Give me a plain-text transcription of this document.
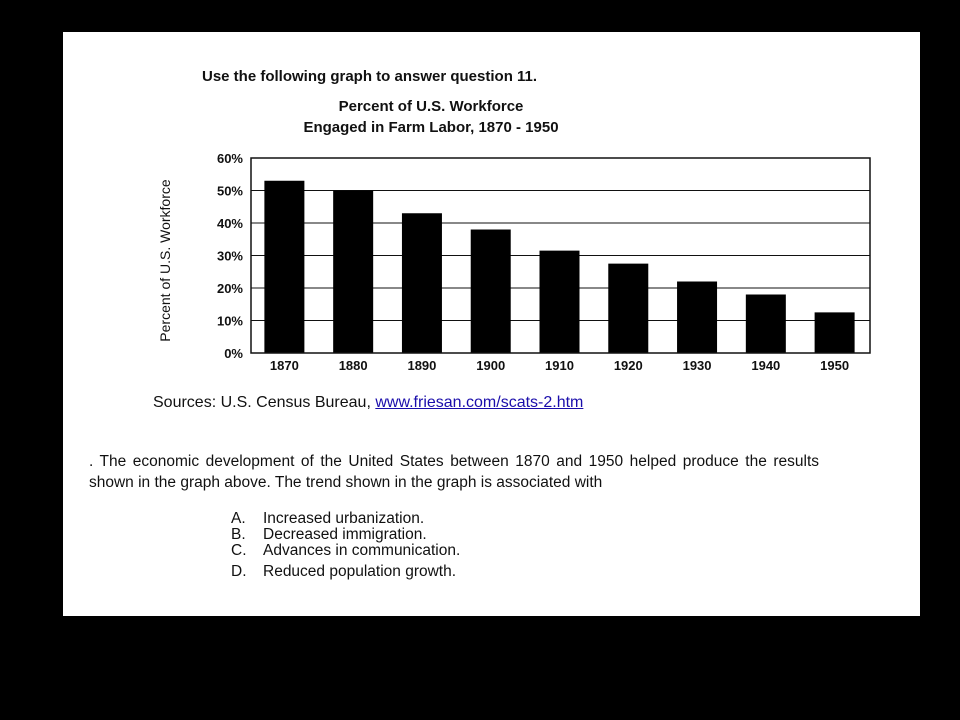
Use the following graph to answer question 11.
Percent of U.S. Workforce
Engaged in Farm Labor, 1870 - 1950
0%
10%
20%
30%
40%
50%
60%
1870	1880	1890	1900	1910	1920	1930	1940	1950
Percent of U.S. Workforce
Sources: U.S. Census Bureau, www.friesan.com/scats-2.htm
. The economic development of the United States between 1870 and 1950 helped produce the results shown in the graph above. The trend shown in the graph is associated with
A. Increased urbanization.
B. Decreased immigration.
C. Advances in communication.
D. Reduced population growth.
